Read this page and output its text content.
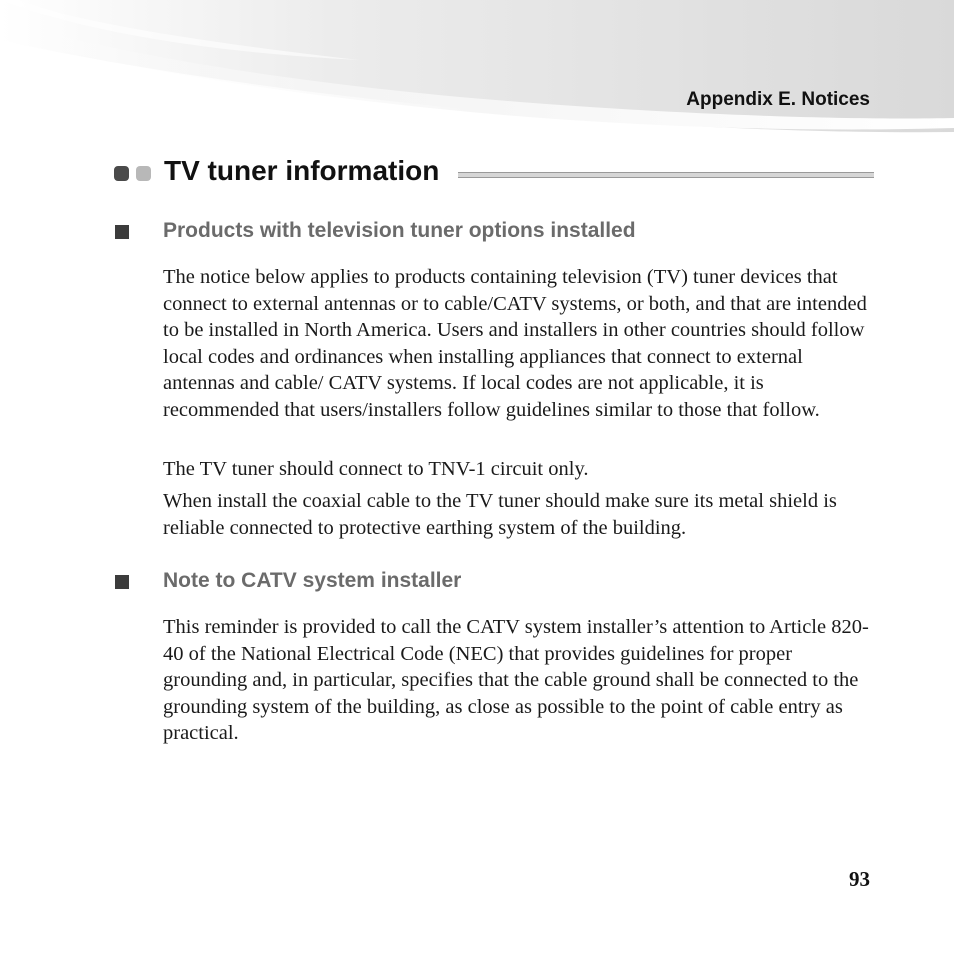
Appendix E. Notices
TV tuner information
Products with television tuner options installed

The notice below applies to products containing television (TV) tuner devices that connect to external antennas or to cable/CATV systems, or both, and that are intended to be installed in North America. Users and installers in other countries should follow local codes and ordinances when installing appliances that connect to external antennas and cable/ CATV systems. If local codes are not applicable, it is recommended that users/installers follow guidelines similar to those that follow.

The TV tuner should connect to TNV-1 circuit only.

When install the coaxial cable to the TV tuner should make sure its metal shield is reliable connected to protective earthing system of the building.

Note to CATV system installer

This reminder is provided to call the CATV system installer’s attention to Article 820-40 of the National Electrical Code (NEC) that provides guidelines for proper grounding and, in particular, specifies that the cable ground shall be connected to the grounding system of the building, as close as possible to the point of cable entry as practical.

93
